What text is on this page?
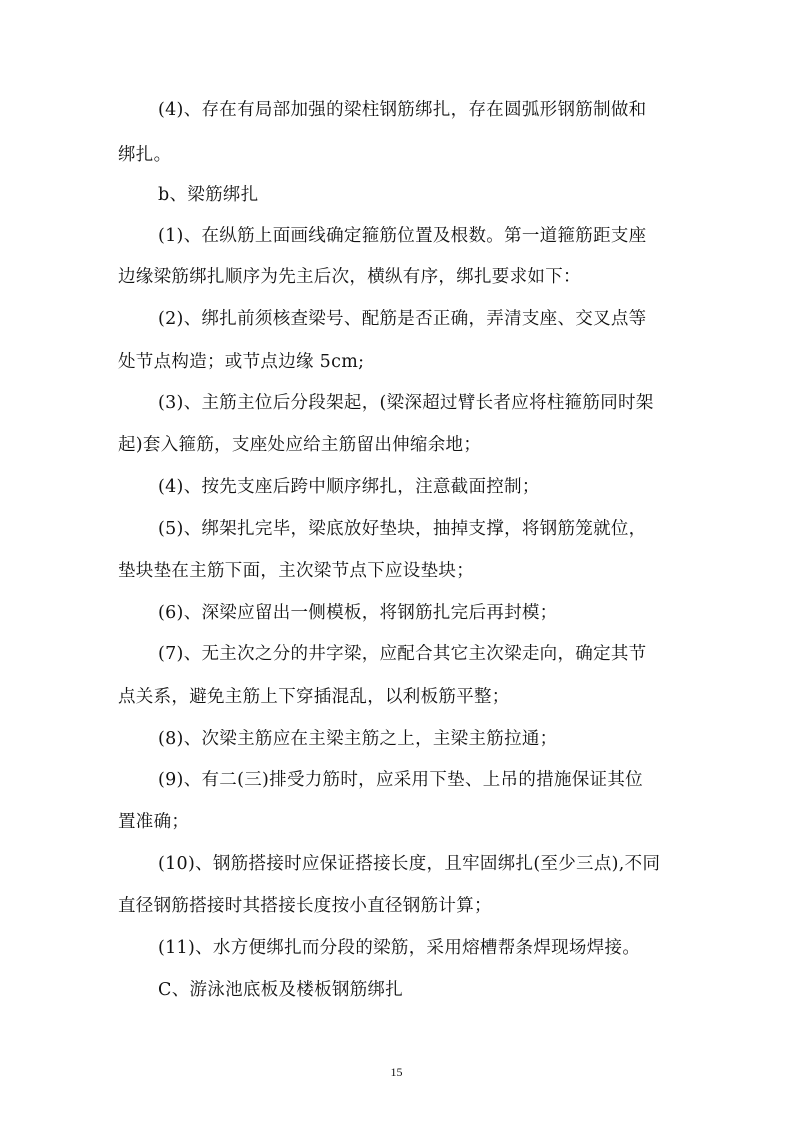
(4)、存在有局部加强的梁柱钢筋绑扎，存在圆弧形钢筋制做和
绑扎。
b、梁筋绑扎
(1)、在纵筋上面画线确定箍筋位置及根数。第一道箍筋距支座
边缘梁筋绑扎顺序为先主后次，横纵有序，绑扎要求如下：
(2)、绑扎前须核查梁号、配筋是否正确，弄清支座、交叉点等
处节点构造；或节点边缘 5cm;
(3)、主筋主位后分段架起，(梁深超过臂长者应将柱箍筋同时架
起)套入箍筋，支座处应给主筋留出伸缩余地；
(4)、按先支座后跨中顺序绑扎，注意截面控制；
(5)、绑架扎完毕，梁底放好垫块，抽掉支撑，将钢筋笼就位，
垫块垫在主筋下面，主次梁节点下应设垫块；
(6)、深梁应留出一侧模板，将钢筋扎完后再封模；
(7)、无主次之分的井字梁，应配合其它主次梁走向，确定其节
点关系，避免主筋上下穿插混乱，以利板筋平整；
(8)、次梁主筋应在主梁主筋之上，主梁主筋拉通；
(9)、有二(三)排受力筋时，应采用下垫、上吊的措施保证其位
置准确；
(10)、钢筋搭接时应保证搭接长度，且牢固绑扎(至少三点),不同
直径钢筋搭接时其搭接长度按小直径钢筋计算；
(11)、水方便绑扎而分段的梁筋，采用熔槽帮条焊现场焊接。
C、游泳池底板及楼板钢筋绑扎
15
